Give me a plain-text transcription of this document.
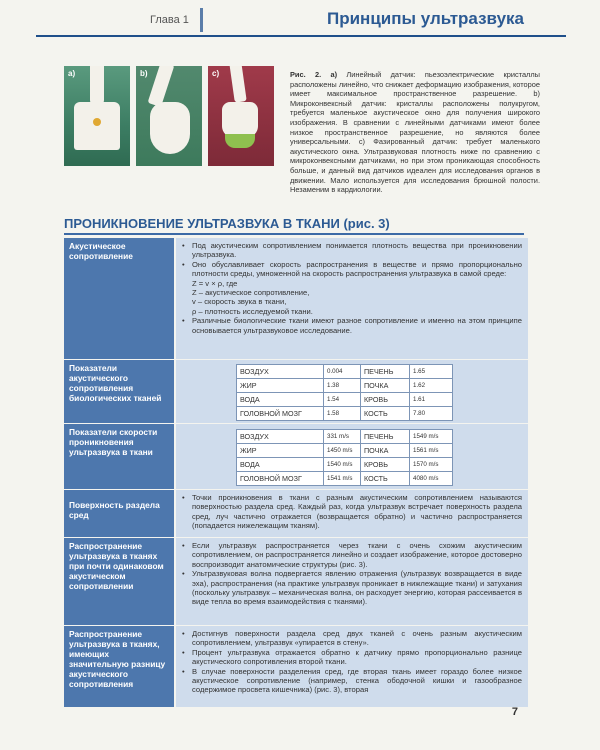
Глава 1	Принципы ультразвука
a)	b)	c)	Рис. 2. a) Линейный датчик: пьезоэлектрические кристаллы расположены линейно, что снижает деформацию изображения, которое имеет максимальное пространственное разрешение. b) Микроконвексный датчик: кристаллы расположены полукругом, требуется маленькое акустическое окно для получения широкого изображения. В сравнении с линейными датчиками имеют более низкое пространственное разрешение, но являются более универсальными. c) Фазированный датчик: требует маленького акустического окна. Ультразвуковая плотность ниже по сравнению с микроконвексными датчиками, но при этом проникающая способность больше, и данный вид датчиков идеален для исследования органов в движении. Мало используется для исследования брюшной полости. Незаменим в кардиологии.
ПРОНИКНОВЕНИЕ УЛЬТРАЗВУКА В ТКАНИ (рис. 3)
Акустическое сопротивление
• Под акустическим сопротивлением понимается плотность вещества при проникновении ультразвука.
• Оно обуславливает скорость распространения в веществе и прямо пропорционально плотности среды, умноженной на скорость распространения ультразвука в самой среде:
Z = v × ρ, где
Z – акустическое сопротивление,
v – скорость звука в ткани,
ρ – плотность исследуемой ткани.
• Различные биологические ткани имеют разное сопротивление и именно на этом принципе основывается ультразвуковое исследование.
Показатели акустического сопротивления биологических тканей
ВОЗДУХ	0.004	ПЕЧЕНЬ	1.65
ЖИР	1.38	ПОЧКА	1.62
ВОДА	1.54	КРОВЬ	1.61
ГОЛОВНОЙ МОЗГ	1.58	КОСТЬ	7.80
Показатели скорости проникновения ультразвука в ткани
ВОЗДУХ	331 m/s	ПЕЧЕНЬ	1549 m/s
ЖИР	1450 m/s	ПОЧКА	1561 m/s
ВОДА	1540 m/s	КРОВЬ	1570 m/s
ГОЛОВНОЙ МОЗГ	1541 m/s	КОСТЬ	4080 m/s
Поверхность раздела сред
• Точки проникновения в ткани с разным акустическим сопротивлением называются поверхностью раздела сред. Каждый раз, когда ультразвук встречает поверхность раздела сред, луч частично отражается (возвращается обратно) и частично распространяется (попадается нижележащим тканям).
Распространение ультразвука в тканях при почти одинаковом акустическом сопротивлении
• Если ультразвук распространяется через ткани с очень схожим акустическим сопротивлением, он распространяется линейно и создает изображение, которое достоверно воспроизводит анатомические структуры (рис. 3).
• Ультразвуковая волна подвергается явлению отражения (ультразвук возвращается в виде эха), распространения (на практике ультразвук проникает в нижлежащие ткани) и затухания (поскольку ультразвук – механическая волна, он расходует энергию, которая рассеивается в виде тепла во время взаимодействия с тканями).
Распространение ультразвука в тканях, имеющих значительную разницу акустического сопротивления
• Достигнув поверхности раздела сред двух тканей с очень разным акустическим сопротивлением, ультразвук «упирается в стену».
• Процент ультразвука отражается обратно к датчику прямо пропорционально разнице акустического сопротивления второй ткани.
• В случае поверхности разделения сред, где вторая ткань имеет гораздо более низкое акустическое сопротивление (например, стенка ободочной кишки и газообразное содержимое просвета кишечника) (рис. 3), вторая
7
